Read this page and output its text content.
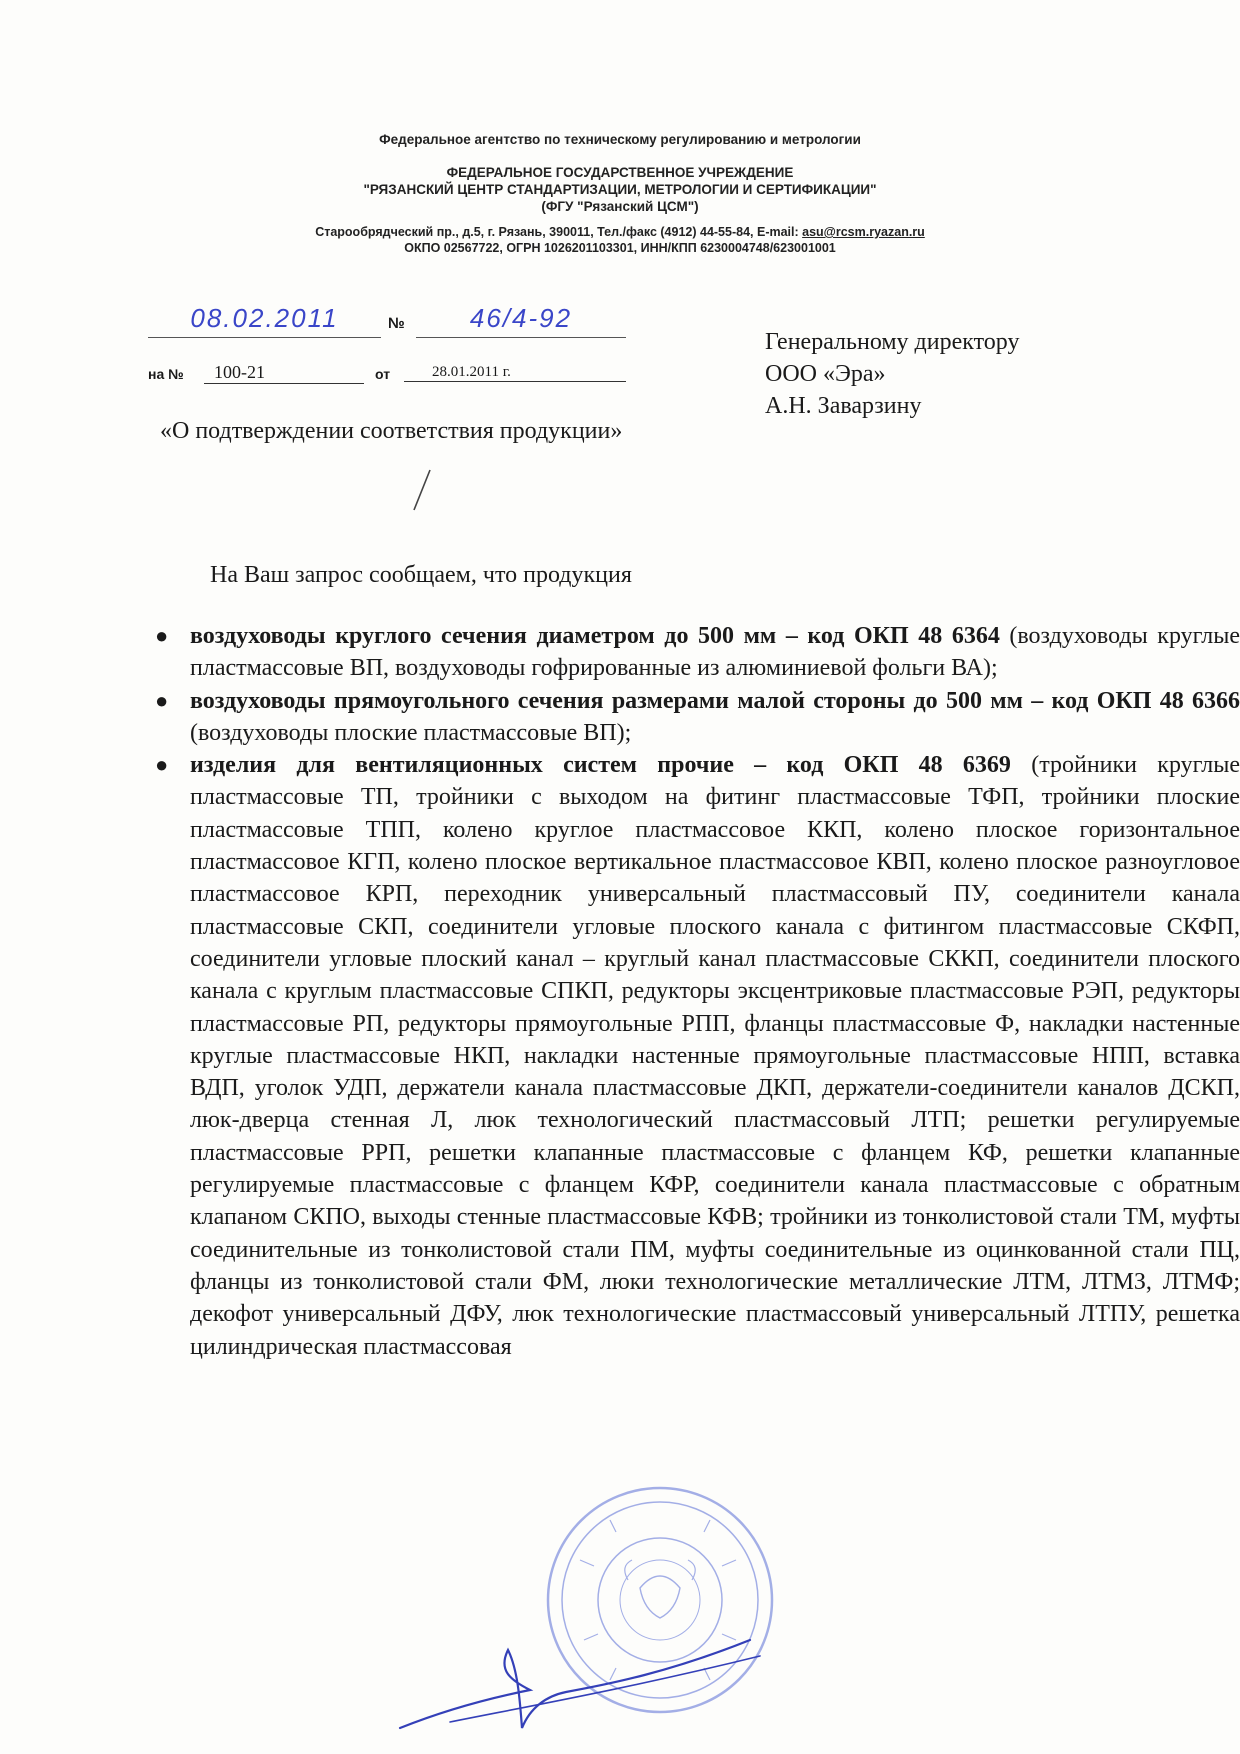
Федеральное агентство по техническому регулированию и метрологии
ФЕДЕРАЛЬНОЕ ГОСУДАРСТВЕННОЕ УЧРЕЖДЕНИЕ
"РЯЗАНСКИЙ ЦЕНТР СТАНДАРТИЗАЦИИ, МЕТРОЛОГИИ И СЕРТИФИКАЦИИ"
(ФГУ "Рязанский ЦСМ")
Старообрядческий пр., д.5, г. Рязань, 390011, Тел./факс (4912) 44-55-84, E-mail: asu@rcsm.ryazan.ru
ОКПО 02567722, ОГРН 1026201103301, ИНН/КПП 6230004748/623001001
08.02.2011	№	46/4-92
на №	100-21	от	28.01.2011 г.
Генеральному директору
ООО «Эра»
А.Н. Заварзину
«О подтверждении соответствия продукции»
На Ваш запрос сообщаем, что продукция
● воздуховоды круглого сечения диаметром до 500 мм – код ОКП 48 6364 (воздуховоды круглые пластмассовые ВП, воздуховоды гофрированные из алюминиевой фольги ВА);

● воздуховоды прямоугольного сечения размерами малой стороны до 500 мм – код ОКП 48 6366 (воздуховоды плоские пластмассовые ВП);

● изделия для вентиляционных систем прочие – код ОКП 48 6369 (тройники круглые пластмассовые ТП, тройники с выходом на фитинг пластмассовые ТФП, тройники плоские пластмассовые ТПП, колено круглое пластмассовое ККП, колено плоское горизонтальное пластмассовое КГП, колено плоское вертикальное пластмассовое КВП, колено плоское разноугловое пластмассовое КРП, переходник универсальный пластмассовый ПУ, соединители канала пластмассовые СКП, соединители угловые плоского канала с фитингом пластмассовые СКФП, соединители угловые плоский канал – круглый канал пластмассовые СККП, соединители плоского канала с круглым пластмассовые СПКП, редукторы эксцентриковые пластмассовые РЭП, редукторы пластмассовые РП, редукторы прямоугольные РПП, фланцы пластмассовые Ф, накладки настенные круглые пластмассовые НКП, накладки настенные прямоугольные пластмассовые НПП, вставка ВДП, уголок УДП, держатели канала пластмассовые ДКП, держатели-соединители каналов ДСКП, люк-дверца стенная Л, люк технологический пластмассовый ЛТП; решетки регулируемые пластмассовые РРП, решетки клапанные пластмассовые с фланцем КФ, решетки клапанные регулируемые пластмассовые с фланцем КФР, соединители канала пластмассовые с обратным клапаном СКПО, выходы стенные пластмассовые КФВ; тройники из тонколистовой стали ТМ, муфты соединительные из тонколистовой стали ПМ, муфты соединительные из оцинкованной стали ПЦ, фланцы из тонколистовой стали ФМ, люки технологические металлические ЛТМ, ЛТМЗ, ЛТМФ; декофот универсальный ДФУ, люк технологические пластмассовый универсальный ЛТПУ, решетка цилиндрическая пластмассовая
